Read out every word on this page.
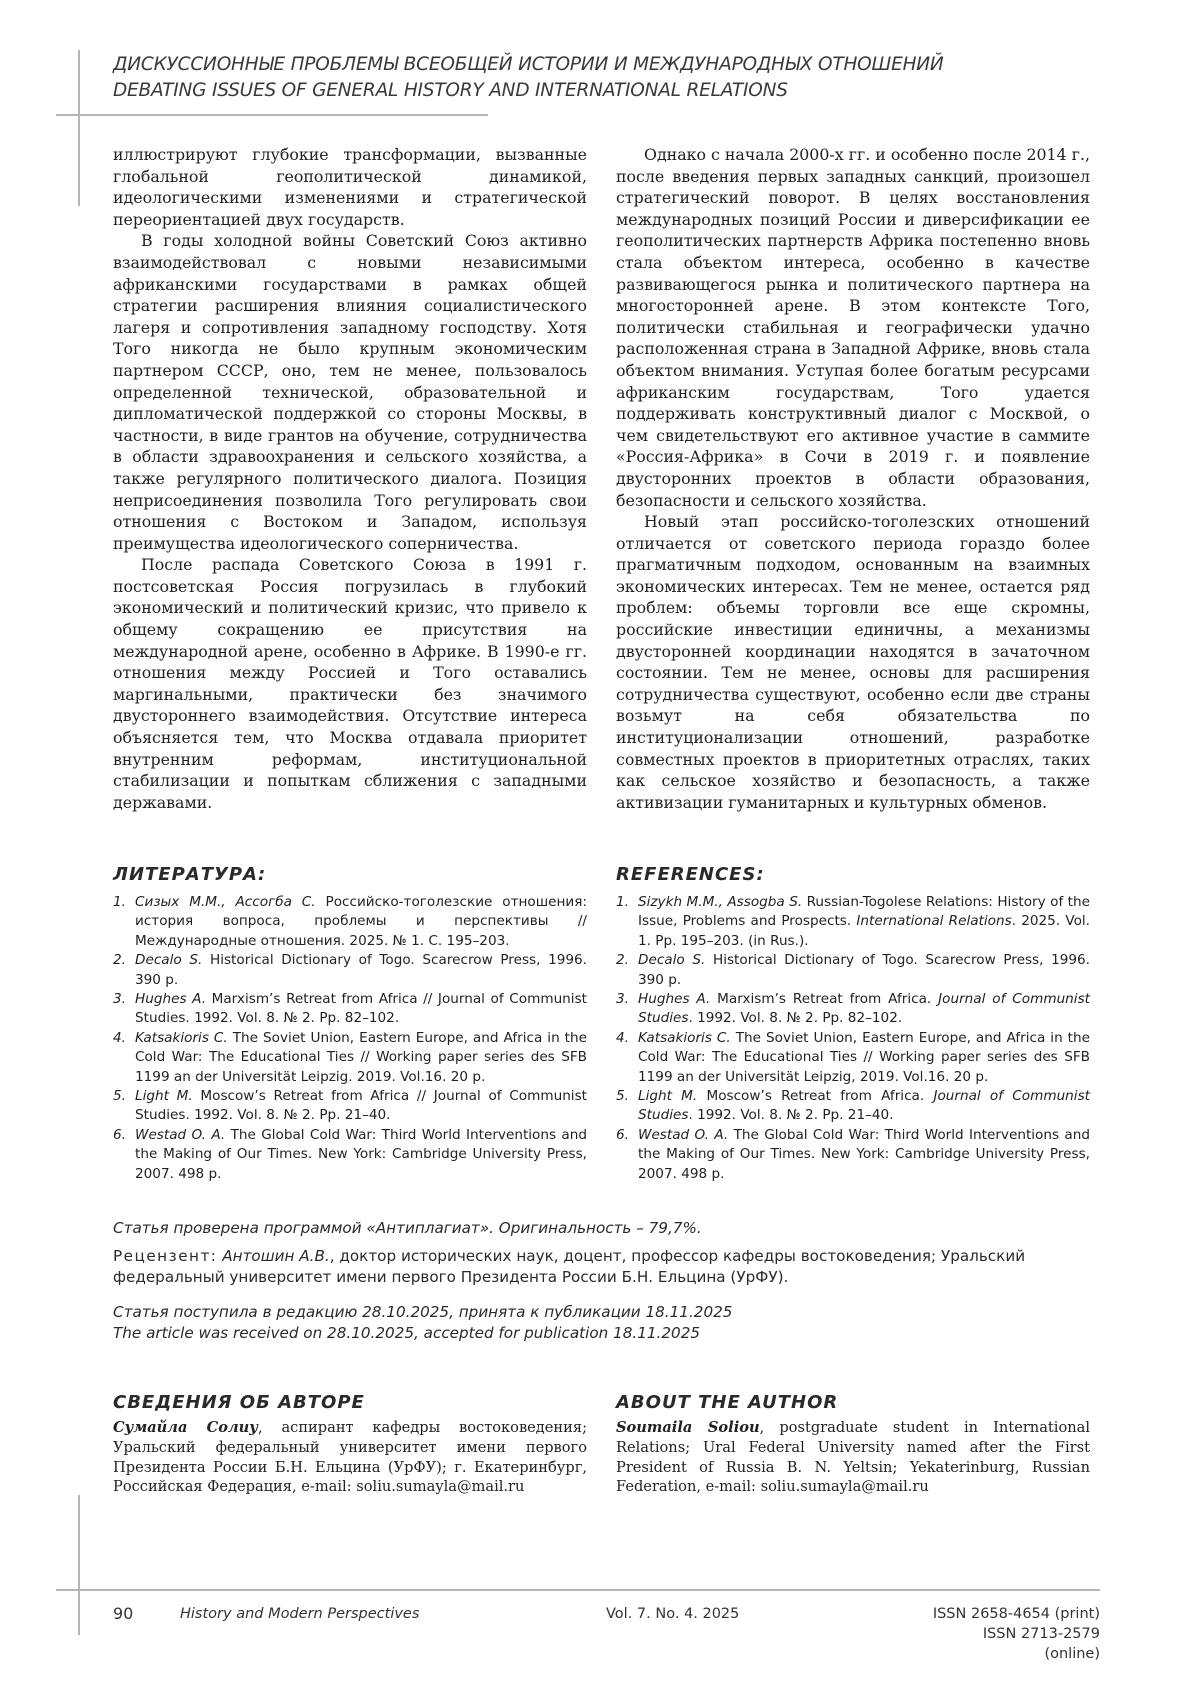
ДИСКУССИОННЫЕ ПРОБЛЕМЫ ВСЕОБЩЕЙ ИСТОРИИ И МЕЖДУНАРОДНЫХ ОТНОШЕНИЙ
DEBATING ISSUES OF GENERAL HISTORY AND INTERNATIONAL RELATIONS

иллюстрируют глубокие трансформации, вызванные глобальной геополитической динамикой, идеологическими изменениями и стратегической переориентацией двух государств.

В годы холодной войны Советский Союз активно взаимодействовал с новыми независимыми африканскими государствами в рамках общей стратегии расширения влияния социалистического лагеря и сопротивления западному господству. Хотя Того никогда не было крупным экономическим партнером СССР, оно, тем не менее, пользовалось определенной технической, образовательной и дипломатической поддержкой со стороны Москвы, в частности, в виде грантов на обучение, сотрудничества в области здравоохранения и сельского хозяйства, а также регулярного политического диалога. Позиция неприсоединения позволила Того регулировать свои отношения с Востоком и Западом, используя преимущества идеологического соперничества.

После распада Советского Союза в 1991 г. постсоветская Россия погрузилась в глубокий экономический и политический кризис, что привело к общему сокращению ее присутствия на международной арене, особенно в Африке. В 1990-е гг. отношения между Россией и Того оставались маргинальными, практически без значимого двустороннего взаимодействия. Отсутствие интереса объясняется тем, что Москва отдавала приоритет внутренним реформам, институциональной стабилизации и попыткам сближения с западными державами.

Однако с начала 2000-х гг. и особенно после 2014 г., после введения первых западных санкций, произошел стратегический поворот. В целях восстановления международных позиций России и диверсификации ее геополитических партнерств Африка постепенно вновь стала объектом интереса, особенно в качестве развивающегося рынка и политического партнера на многосторонней арене. В этом контексте Того, политически стабильная и географически удачно расположенная страна в Западной Африке, вновь стала объектом внимания. Уступая более богатым ресурсами африканским государствам, Того удается поддерживать конструктивный диалог с Москвой, о чем свидетельствуют его активное участие в саммите «Россия-Африка» в Сочи в 2019 г. и появление двусторонних проектов в области образования, безопасности и сельского хозяйства.

Новый этап российско-тоголезских отношений отличается от советского периода гораздо более прагматичным подходом, основанным на взаимных экономических интересах. Тем не менее, остается ряд проблем: объемы торговли все еще скромны, российские инвестиции единичны, а механизмы двусторонней координации находятся в зачаточном состоянии. Тем не менее, основы для расширения сотрудничества существуют, особенно если две страны возьмут на себя обязательства по институционализации отношений, разработке совместных проектов в приоритетных отраслях, таких как сельское хозяйство и безопасность, а также активизации гуманитарных и культурных обменов.

ЛИТЕРАТУРА:
1. Сизых М.М., Ассогба С. Российско-тоголезские отношения: история вопроса, проблемы и перспективы // Международные отношения. 2025. № 1. С. 195–203.
2. Decalo S. Historical Dictionary of Togo. Scarecrow Press, 1996. 390 p.
3. Hughes A. Marxism’s Retreat from Africa // Journal of Communist Studies. 1992. Vol. 8. № 2. Pp. 82–102.
4. Katsakioris C. The Soviet Union, Eastern Europe, and Africa in the Cold War: The Educational Ties // Working paper series des SFB 1199 an der Universität Leipzig. 2019. Vol.16. 20 p.
5. Light M. Moscow’s Retreat from Africa // Journal of Communist Studies. 1992. Vol. 8. № 2. Pp. 21–40.
6. Westad O. A. The Global Cold War: Third World Interventions and the Making of Our Times. New York: Cambridge University Press, 2007. 498 p.
REFERENCES:
1. Sizykh M.M., Assogba S. Russian-Togolese Relations: History of the Issue, Problems and Prospects. International Relations. 2025. Vol. 1. Pp. 195–203. (in Rus.).
2. Decalo S. Historical Dictionary of Togo. Scarecrow Press, 1996. 390 p.
3. Hughes A. Marxism’s Retreat from Africa. Journal of Communist Studies. 1992. Vol. 8. № 2. Pp. 82–102.
4. Katsakioris C. The Soviet Union, Eastern Europe, and Africa in the Cold War: The Educational Ties // Working paper series des SFB 1199 an der Universität Leipzig, 2019. Vol.16. 20 p.
5. Light M. Moscow’s Retreat from Africa. Journal of Communist Studies. 1992. Vol. 8. № 2. Pp. 21–40.
6. Westad O. A. The Global Cold War: Third World Interventions and the Making of Our Times. New York: Cambridge University Press, 2007. 498 p.
Статья проверена программой «Антиплагиат». Оригинальность – 79,7%.
Рецензент: Антошин А.В., доктор исторических наук, доцент, профессор кафедры востоковедения; Уральский федеральный университет имени первого Президента России Б.Н. Ельцина (УрФУ).
Статья поступила в редакцию 28.10.2025, принята к публикации 18.11.2025
The article was received on 28.10.2025, accepted for publication 18.11.2025
СВЕДЕНИЯ ОБ АВТОРЕ
Сумайла Солиу, аспирант кафедры востоковедения; Уральский федеральный университет имени первого Президента России Б.Н. Ельцина (УрФУ); г. Екатеринбург, Российская Федерация, e-mail: soliu.sumayla@mail.ru
ABOUT THE AUTHOR
Soumaila Soliou, postgraduate student in International Relations; Ural Federal University named after the First President of Russia B. N. Yeltsin; Yekaterinburg, Russian Federation, e-mail: soliu.sumayla@mail.ru
90	History and Modern Perspectives	Vol. 7. No. 4. 2025	ISSN 2658-4654 (print)
ISSN 2713-2579 (online)
